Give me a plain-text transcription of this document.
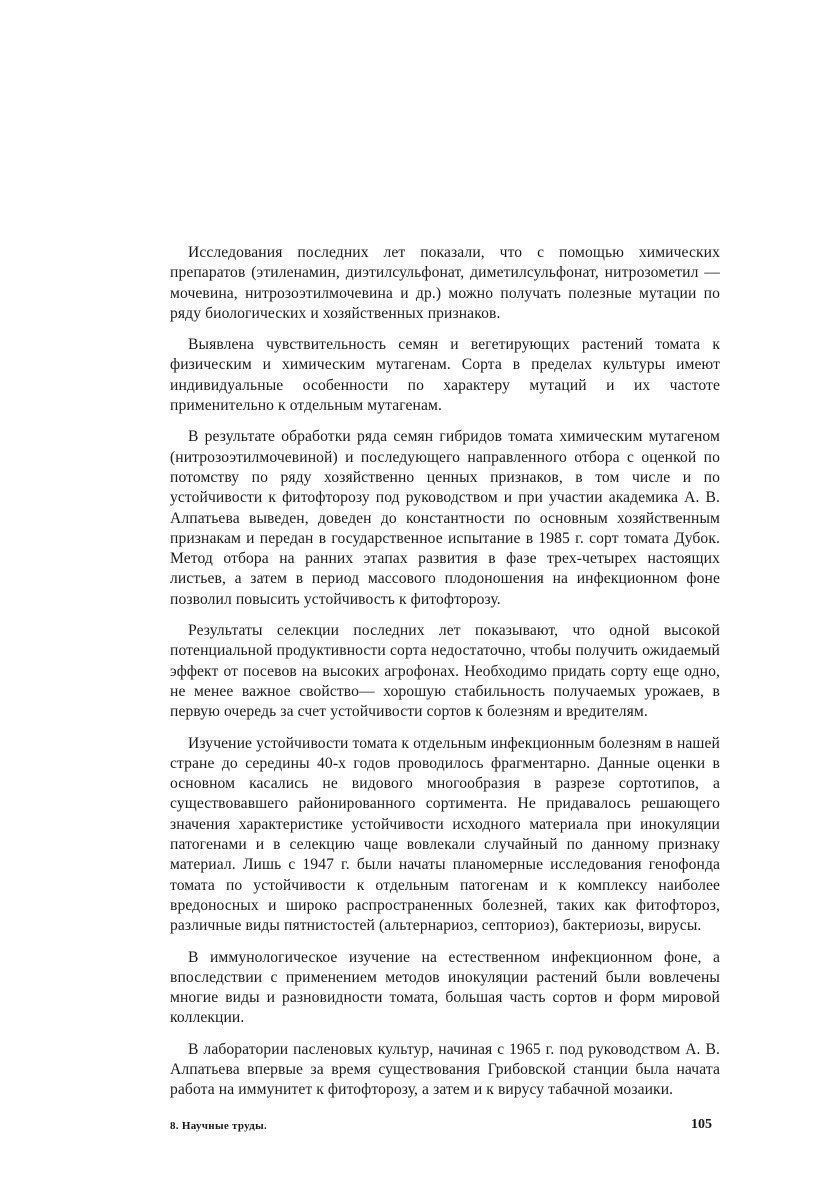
Исследования последних лет показали, что с помощью химических препаратов (этиленамин, диэтилсульфонат, диметилсульфонат, нитрозометил — мочевина, нитрозоэтилмочевина и др.) можно получать полезные мутации по ряду биологических и хозяйственных признаков.

Выявлена чувствительность семян и вегетирующих растений томата к физическим и химическим мутагенам. Сорта в пределах культуры имеют индивидуальные особенности по характеру мутаций и их частоте применительно к отдельным мутагенам.

В результате обработки ряда семян гибридов томата химическим мутагеном (нитрозоэтилмочевиной) и последующего направленного отбора с оценкой по потомству по ряду хозяйственно ценных признаков, в том числе и по устойчивости к фитофторозу под руководством и при участии академика А. В. Алпатьева выведен, доведен до константности по основным хозяйственным признакам и передан в государственное испытание в 1985 г. сорт томата Дубок. Метод отбора на ранних этапах развития в фазе трех-четырех настоящих листьев, а затем в период массового плодоношения на инфекционном фоне позволил повысить устойчивость к фитофторозу.

Результаты селекции последних лет показывают, что одной высокой потенциальной продуктивности сорта недостаточно, чтобы получить ожидаемый эффект от посевов на высоких агрофонах. Необходимо придать сорту еще одно, не менее важное свойство— хорошую стабильность получаемых урожаев, в первую очередь за счет устойчивости сортов к болезням и вредителям.

Изучение устойчивости томата к отдельным инфекционным болезням в нашей стране до середины 40-х годов проводилось фрагментарно. Данные оценки в основном касались не видового многообразия в разрезе сортотипов, а существовавшего районированного сортимента. Не придавалось решающего значения характеристике устойчивости исходного материала при инокуляции патогенами и в селекцию чаще вовлекали случайный по данному признаку материал. Лишь с 1947 г. были начаты планомерные исследования генофонда томата по устойчивости к отдельным патогенам и к комплексу наиболее вредоносных и широко распространенных болезней, таких как фитофтороз, различные виды пятнистостей (альтернариоз, септориоз), бактериозы, вирусы.

В иммунологическое изучение на естественном инфекционном фоне, а впоследствии с применением методов инокуляции растений были вовлечены многие виды и разновидности томата, большая часть сортов и форм мировой коллекции.

В лаборатории пасленовых культур, начиная с 1965 г. под руководством А. В. Алпатьева впервые за время существования Грибовской станции была начата работа на иммунитет к фитофторозу, а затем и к вирусу табачной мозаики.

8. Научные труды.	105
